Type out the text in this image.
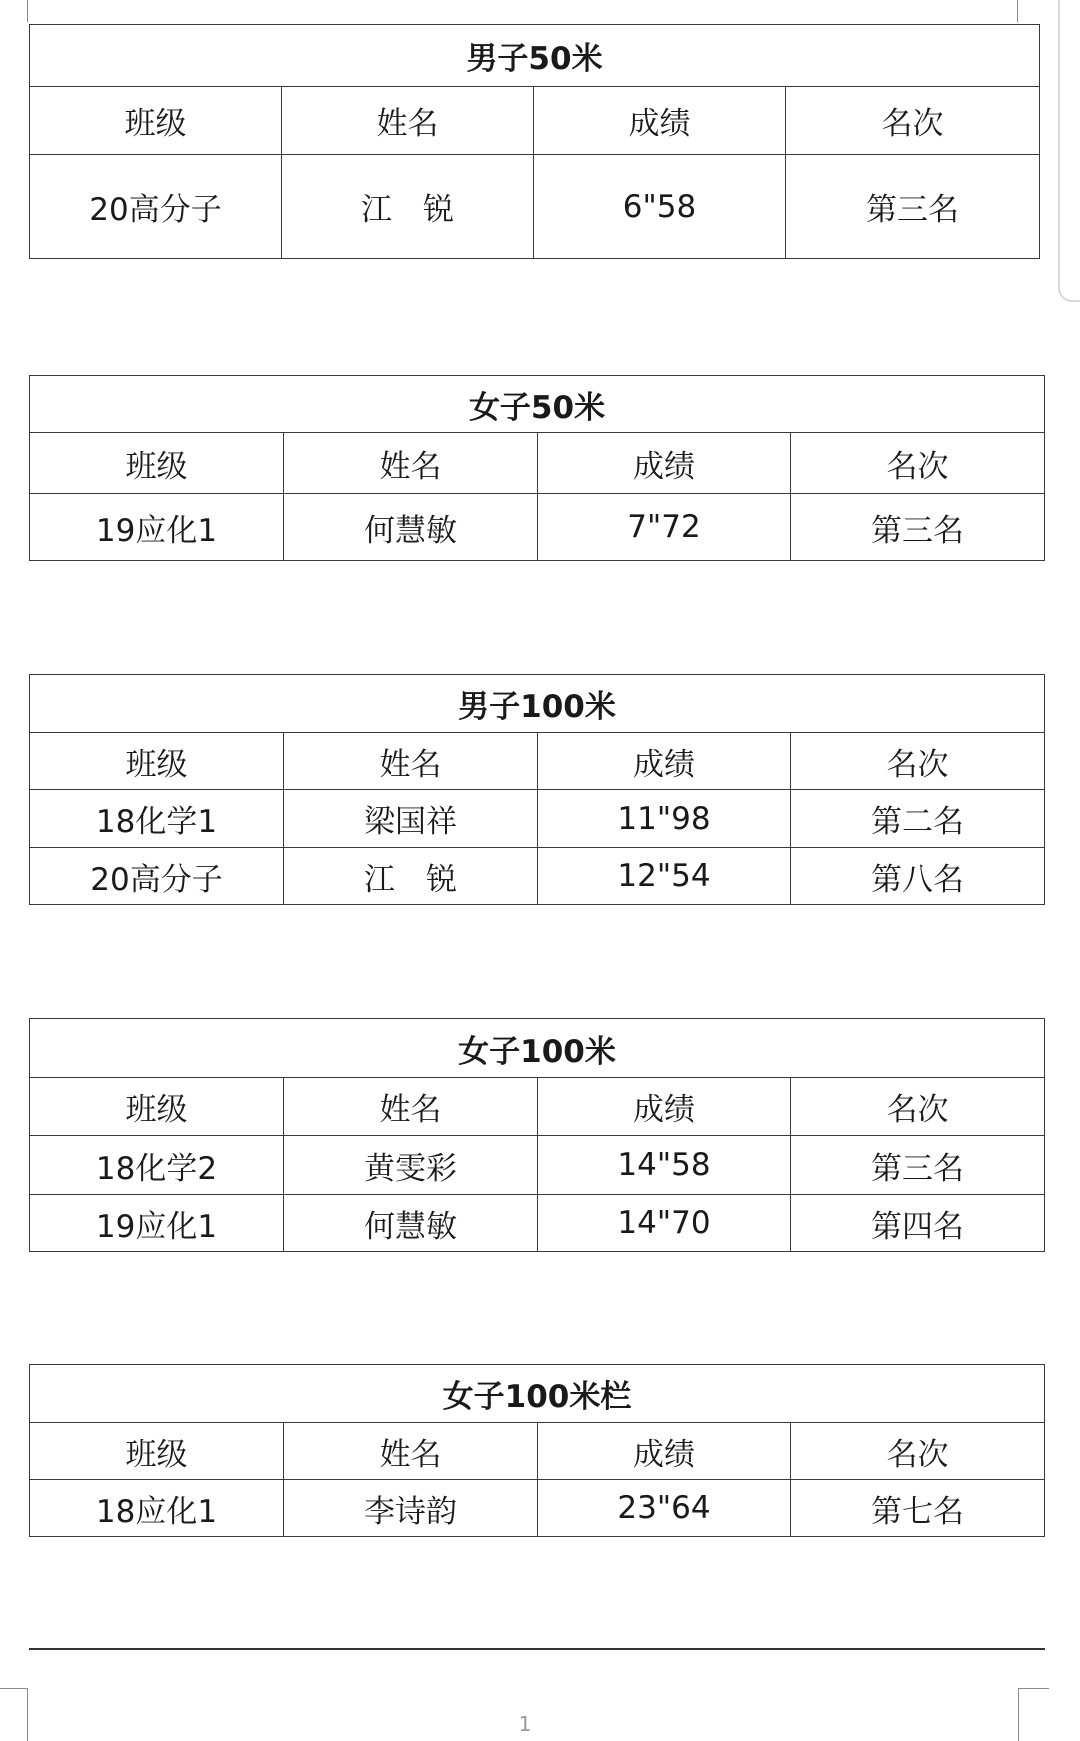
男子50米			
班级	姓名	成绩	名次
20高分子	江　锐	6"58	第三名
女子50米			
班级	姓名	成绩	名次
19应化1	何慧敏	7"72	第三名
男子100米			
班级	姓名	成绩	名次
18化学1	梁国祥	11"98	第二名
20高分子	江　锐	12"54	第八名
女子100米			
班级	姓名	成绩	名次
18化学2	黄雯彩	14"58	第三名
19应化1	何慧敏	14"70	第四名
女子100米栏			
班级	姓名	成绩	名次
18应化1	李诗韵	23"64	第七名
1
